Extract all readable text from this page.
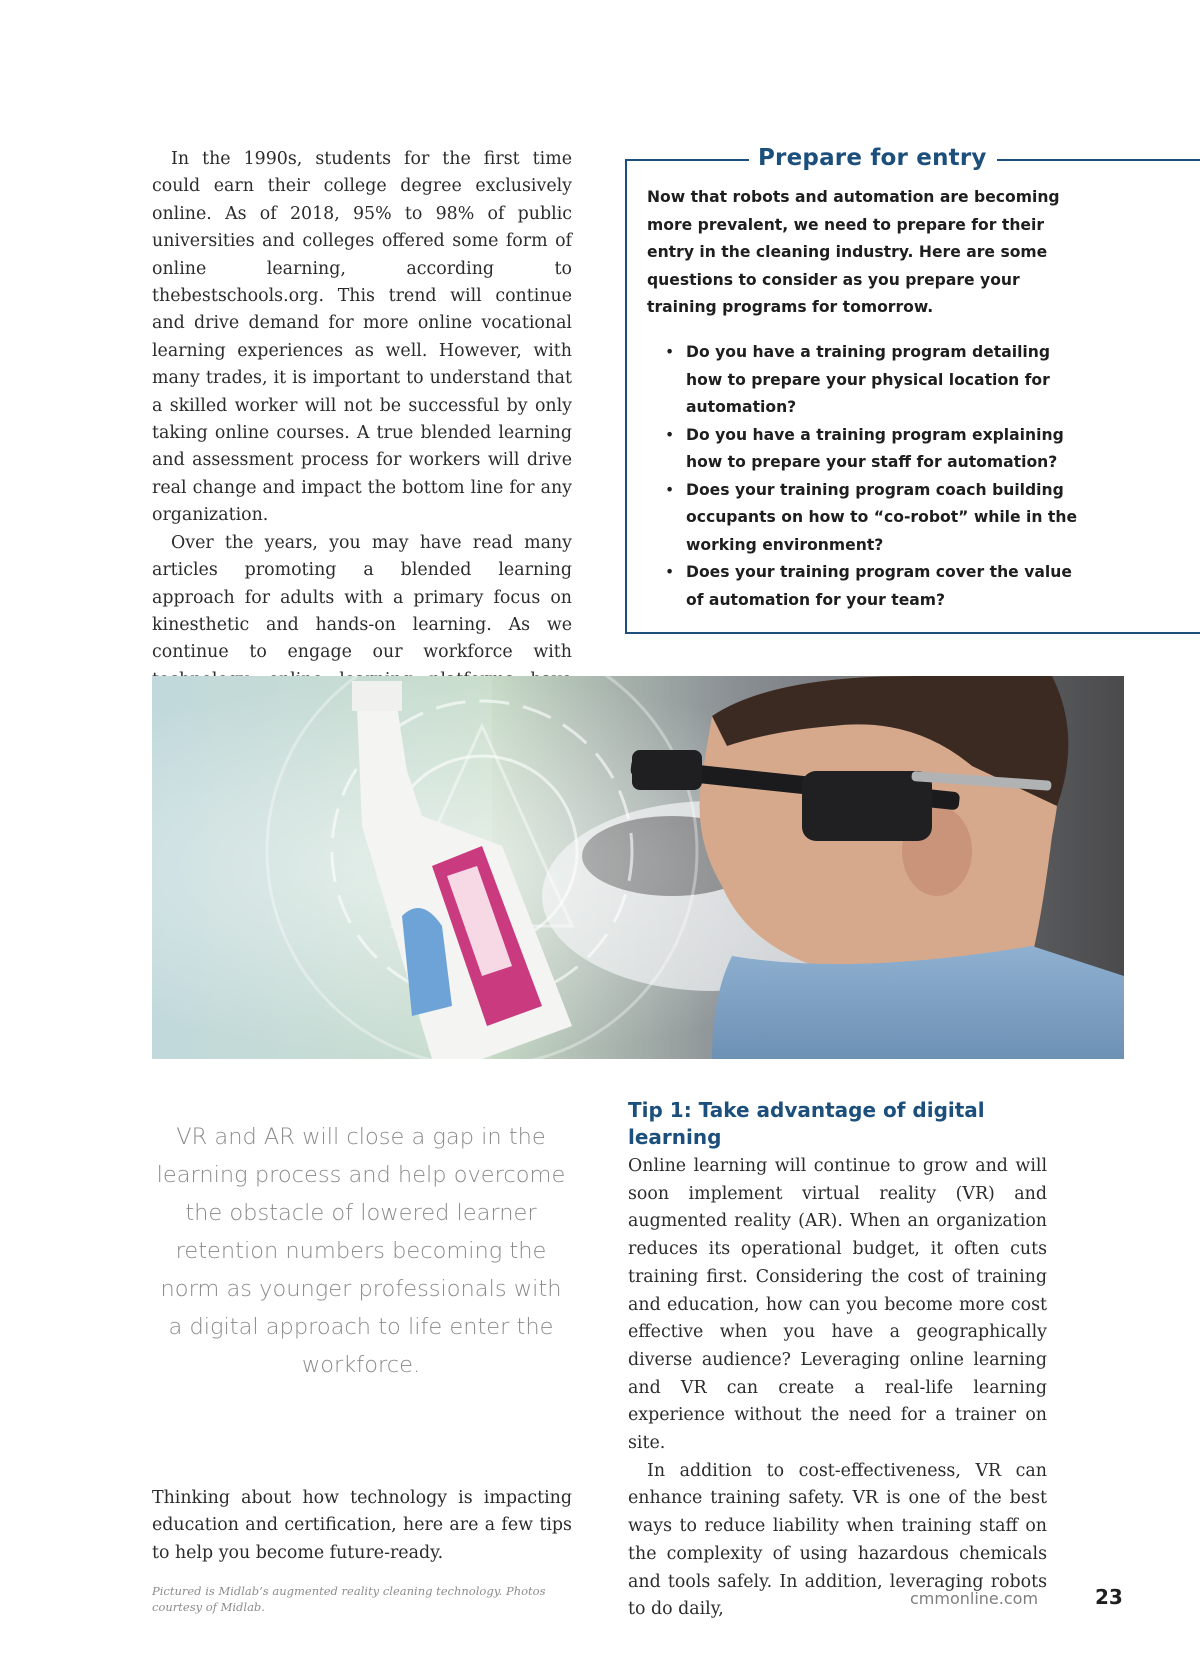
In the 1990s, students for the first time could earn their college degree exclusively online. As of 2018, 95% to 98% of public universities and colleges offered some form of online learning, according to thebestschools.org. This trend will continue and drive demand for more online vocational learning experiences as well. However, with many trades, it is important to understand that a skilled worker will not be successful by only taking online courses. A true blended learning and assessment process for workers will drive real change and impact the bottom line for any organization.

Over the years, you may have read many articles promoting a blended learning approach for adults with a primary focus on kinesthetic and hands-on learning. As we continue to engage our workforce with

Prepare for entry

Now that robots and automation are becoming more prevalent, we need to prepare for their entry in the cleaning industry. Here are some questions to consider as you prepare your training programs for tomorrow.

• Do you have a training program detailing how to prepare your physical location for automation?
• Do you have a training program explaining how to prepare your staff for automation?
• Does your training program coach building occupants on how to “co-robot” while in the working environment?
• Does your training program cover the value of automation for your team?

VR and AR will close a gap in the learning process and help overcome the obstacle of lowered learner retention numbers becoming the norm as younger professionals with a digital approach to life enter the workforce.

Tip 1: Take advantage of digital learning

Online learning will continue to grow and will soon implement virtual reality (VR) and augmented reality (AR). When an organization reduces its operational budget, it often cuts training first. Considering the cost of training and education, how can you become more cost effective when you have a geographically diverse audience? Leveraging online learning and VR can create a real-life learning experience without the need for a trainer on site.

In addition to cost-effectiveness, VR can enhance training safety. VR is one of the best ways to reduce liability when training staff on the complexity of using hazardous chemicals and tools safely. In addition, leveraging robots to do daily,

Thinking about how technology is impacting education and certification, here are a few tips to help you become future-ready.

Pictured is Midlab’s augmented reality cleaning technology. Photos courtesy of Midlab.	cmmonline.com	23
